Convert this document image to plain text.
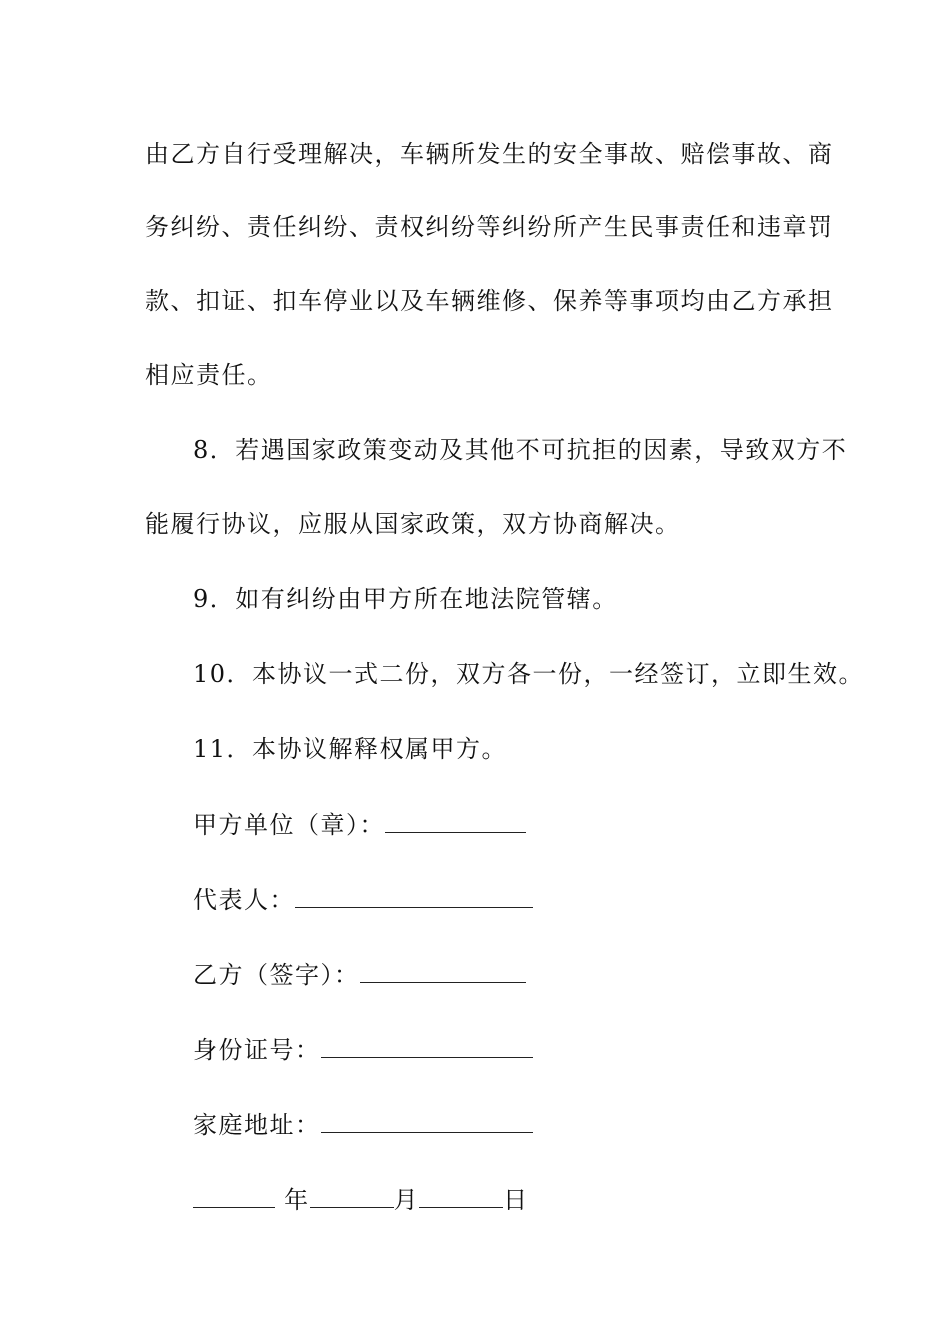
由乙方自行受理解决，车辆所发生的安全事故、赔偿事故、商
务纠纷、责任纠纷、责权纠纷等纠纷所产生民事责任和违章罚
款、扣证、扣车停业以及车辆维修、保养等事项均由乙方承担
相应责任。
8．若遇国家政策变动及其他不可抗拒的因素，导致双方不
能履行协议，应服从国家政策，双方协商解决。
9．如有纠纷由甲方所在地法院管辖。
10．本协议一式二份，双方各一份，一经签订，立即生效。
11．本协议解释权属甲方。
甲方单位（章）：
代表人：
乙方（签字）：
身份证号：
家庭地址：
年	月	日
